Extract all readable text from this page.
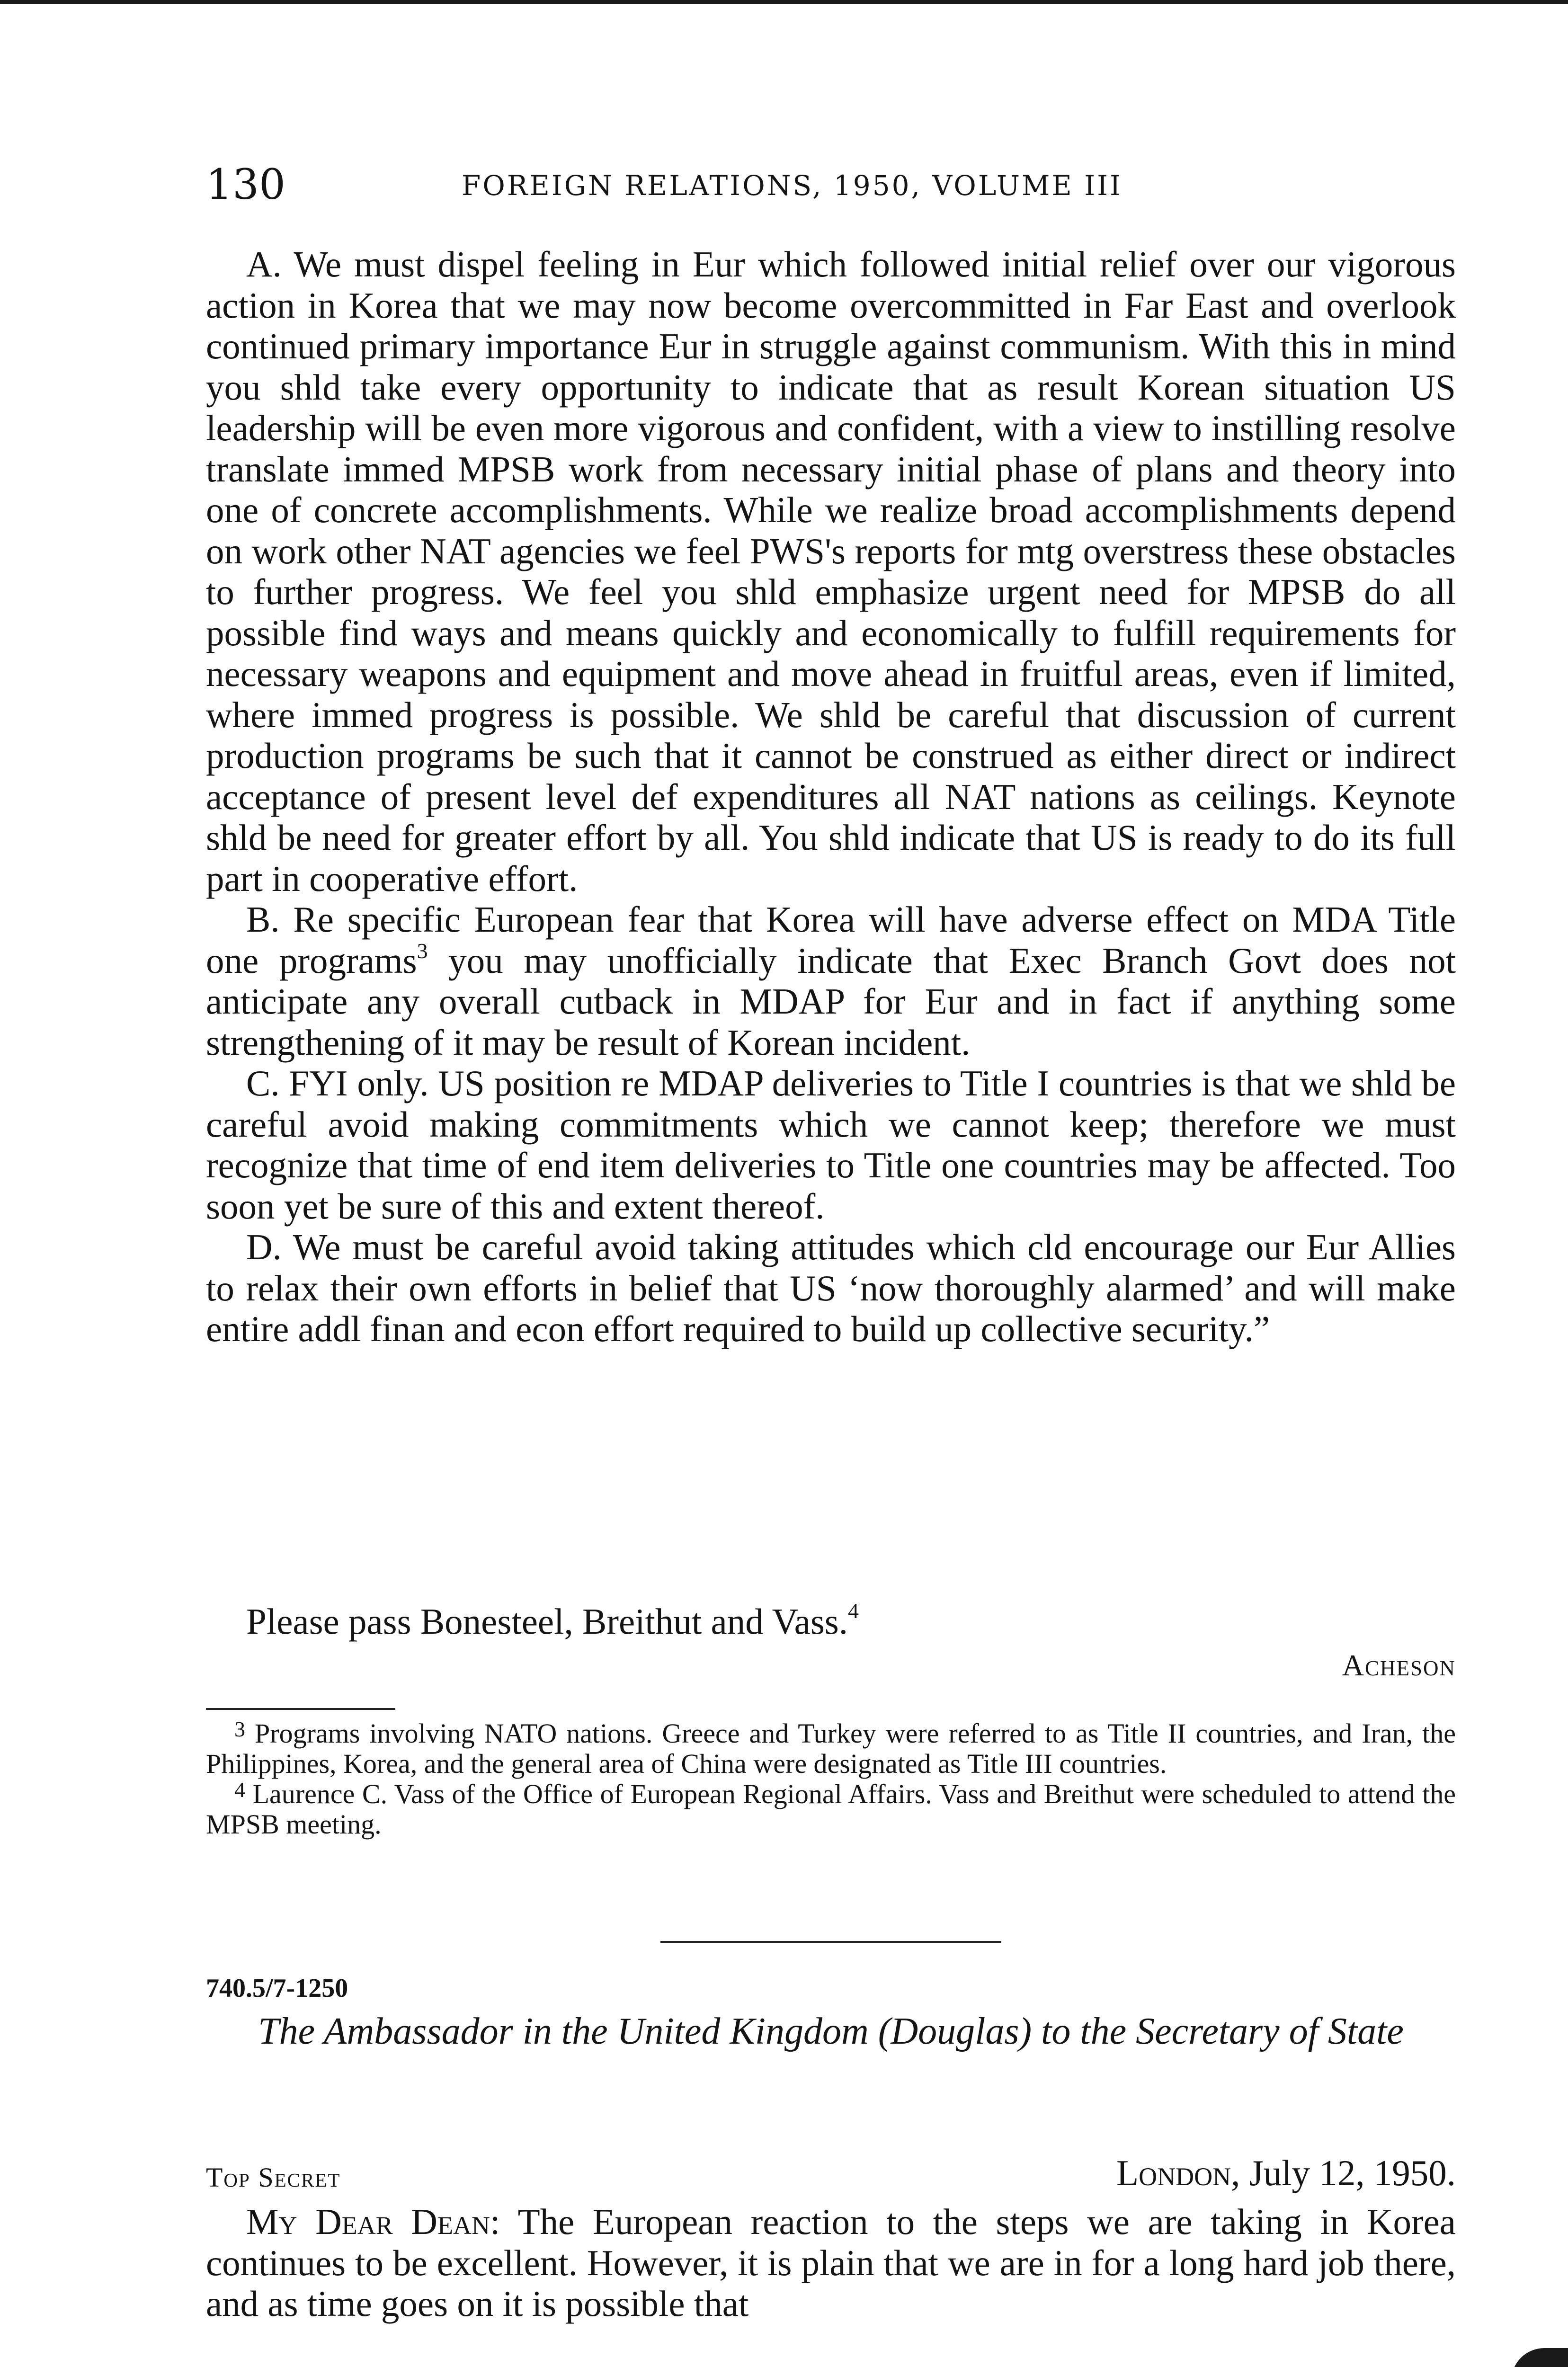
130	FOREIGN RELATIONS, 1950, VOLUME III

A. We must dispel feeling in Eur which followed initial relief over our vigorous action in Korea that we may now become overcommitted in Far East and overlook continued primary importance Eur in struggle against communism. With this in mind you shld take every opportunity to indicate that as result Korean situation US leadership will be even more vigorous and confident, with a view to instilling resolve translate immed MPSB work from necessary initial phase of plans and theory into one of concrete accomplishments. While we realize broad accomplishments depend on work other NAT agencies we feel PWS's reports for mtg overstress these obstacles to further progress. We feel you shld emphasize urgent need for MPSB do all possible find ways and means quickly and economically to fulfill requirements for necessary weapons and equipment and move ahead in fruitful areas, even if limited, where immed progress is possible. We shld be careful that discussion of current production programs be such that it cannot be construed as either direct or indirect acceptance of present level def expenditures all NAT nations as ceilings. Keynote shld be need for greater effort by all. You shld indicate that US is ready to do its full part in cooperative effort.

B. Re specific European fear that Korea will have adverse effect on MDA Title one programs$^3$ you may unofficially indicate that Exec Branch Govt does not anticipate any overall cutback in MDAP for Eur and in fact if anything some strengthening of it may be result of Korean incident.

C. FYI only. US position re MDAP deliveries to Title I countries is that we shld be careful avoid making commitments which we cannot keep; therefore we must recognize that time of end item deliveries to Title one countries may be affected. Too soon yet be sure of this and extent thereof.

D. We must be careful avoid taking attitudes which cld encourage our Eur Allies to relax their own efforts in belief that US ‘now thoroughly alarmed’ and will make entire addl finan and econ effort required to build up collective security.”

Please pass Bonesteel, Breithut and Vass.$^4$
Acheson

$^3$ Programs involving NATO nations. Greece and Turkey were referred to as Title II countries, and Iran, the Philippines, Korea, and the general area of China were designated as Title III countries.

$^4$ Laurence C. Vass of the Office of European Regional Affairs. Vass and Breithut were scheduled to attend the MPSB meeting.

740.5/7-1250
The Ambassador in the United Kingdom (Douglas) to the Secretary of State
Top Secret	London, July 12, 1950.

My Dear Dean: The European reaction to the steps we are taking in Korea continues to be excellent. However, it is plain that we are in for a long hard job there, and as time goes on it is possible that
